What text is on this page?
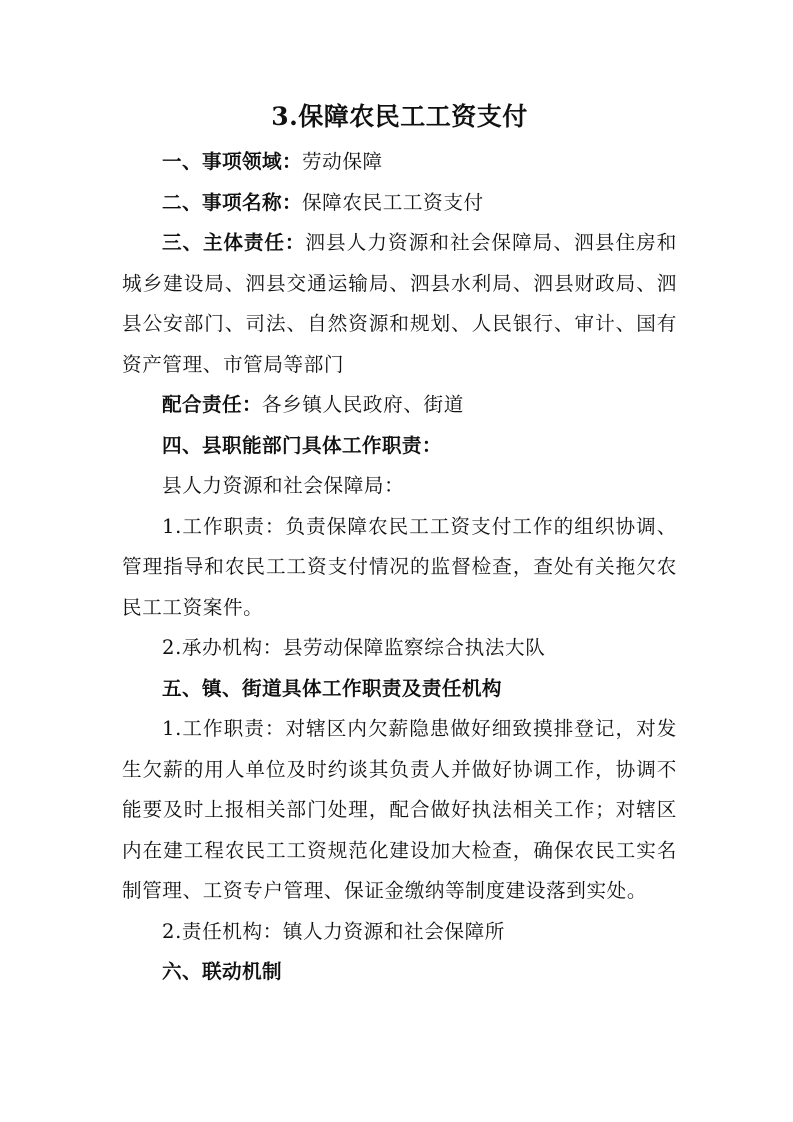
3.保障农民工工资支付

一、事项领域：劳动保障

二、事项名称：保障农民工工资支付

三、主体责任：泗县人力资源和社会保障局、泗县住房和城乡建设局、泗县交通运输局、泗县水利局、泗县财政局、泗县公安部门、司法、自然资源和规划、人民银行、审计、国有资产管理、市管局等部门

配合责任：各乡镇人民政府、街道

四、县职能部门具体工作职责：

县人力资源和社会保障局：

1.工作职责：负责保障农民工工资支付工作的组织协调、管理指导和农民工工资支付情况的监督检查，查处有关拖欠农民工工资案件。

2.承办机构：县劳动保障监察综合执法大队

五、镇、街道具体工作职责及责任机构

1.工作职责：对辖区内欠薪隐患做好细致摸排登记，对发生欠薪的用人单位及时约谈其负责人并做好协调工作，协调不能要及时上报相关部门处理，配合做好执法相关工作；对辖区内在建工程农民工工资规范化建设加大检查，确保农民工实名制管理、工资专户管理、保证金缴纳等制度建设落到实处。

2.责任机构：镇人力资源和社会保障所

六、联动机制
